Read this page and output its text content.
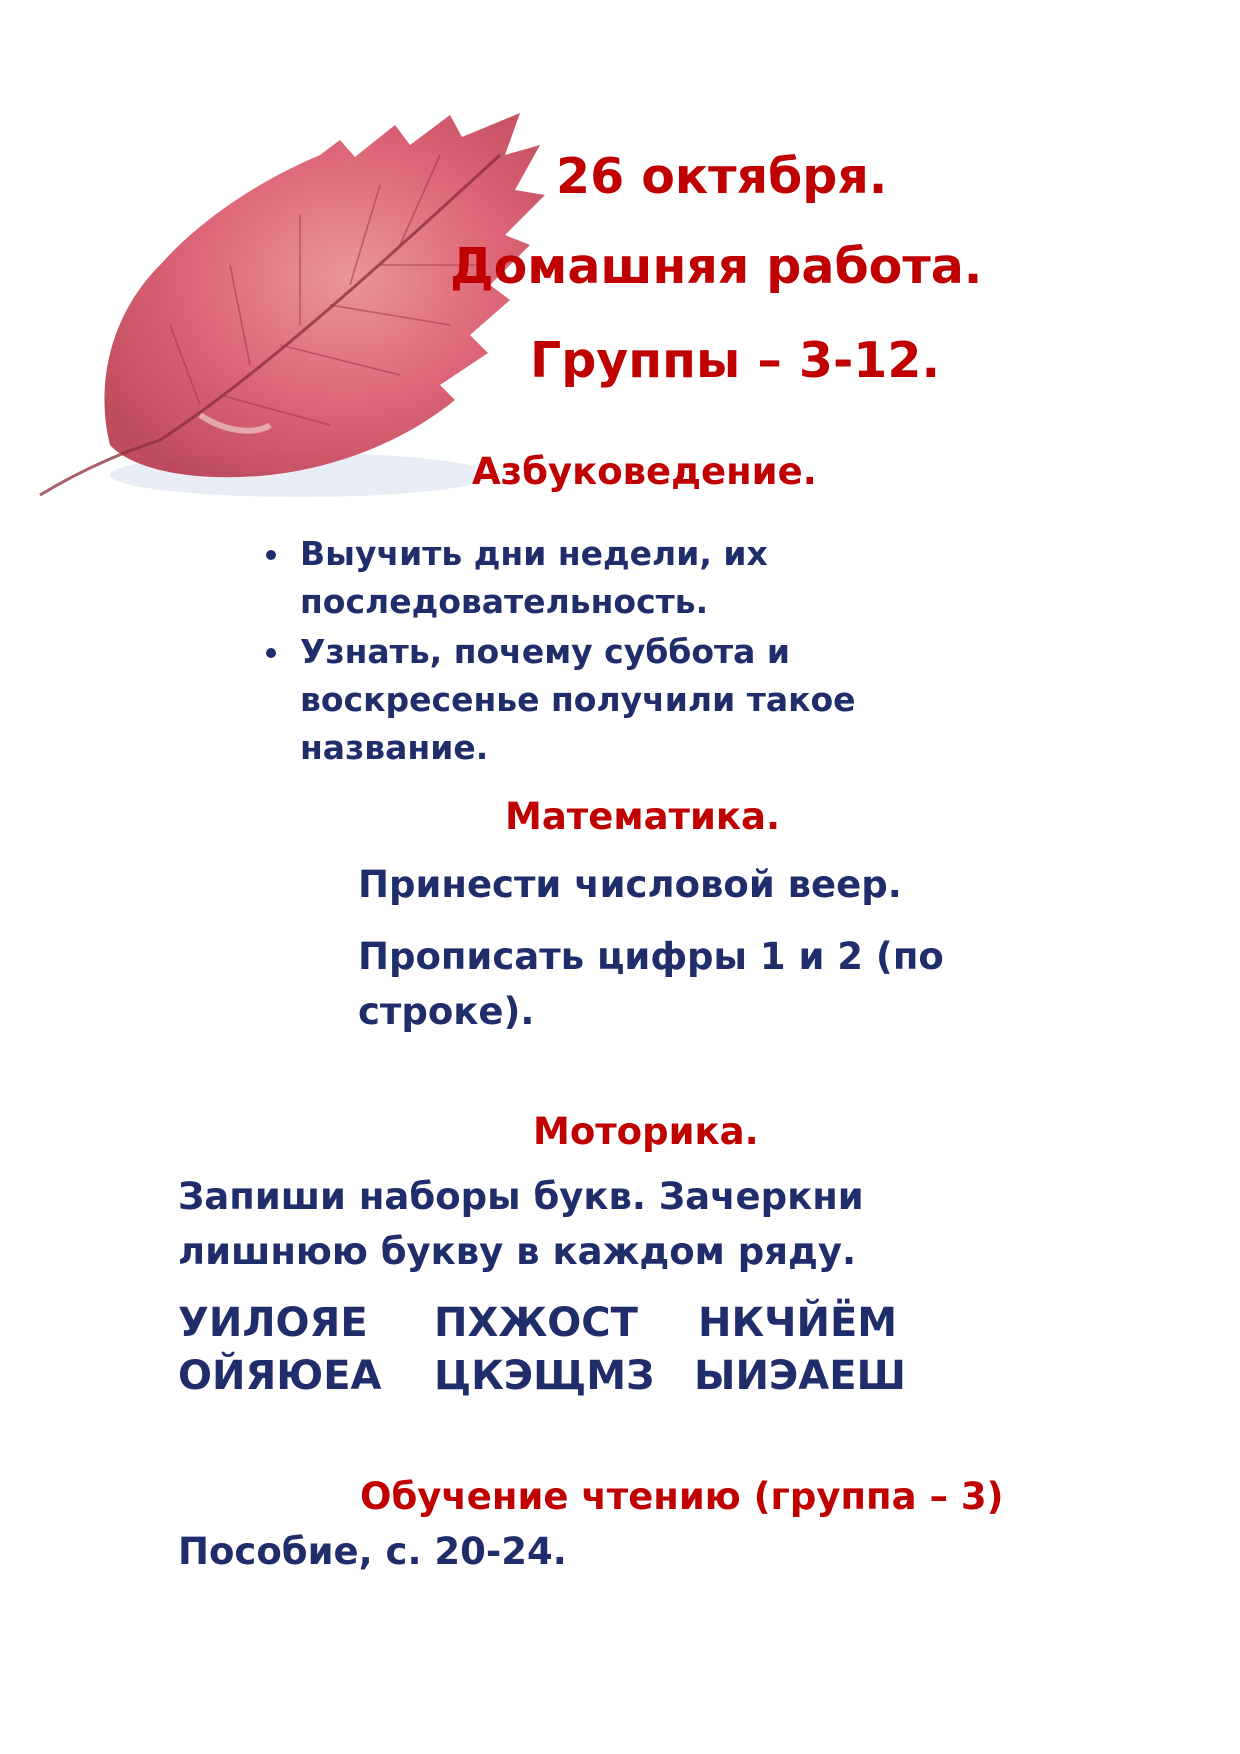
26 октября.

Домашняя работа.

Группы – 3-12.

Азбуковедение.

Выучить дни недели, их
последовательность.
Узнать, почему суббота и
воскресенье получили такое
название.

Математика.

Принести числовой веер.

Прописать цифры 1 и 2 (по

строке).

Моторика.

Запиши наборы букв. Зачеркни

лишнюю букву в каждом ряду.

УИЛОЯЕ ПХЖОСТ НКЧЙЁМ
ОЙЯЮЕА ЦКЭЩМЗ ЫИЭАЕШ

Обучение чтению (группа – 3)

Пособие, с. 20-24.
